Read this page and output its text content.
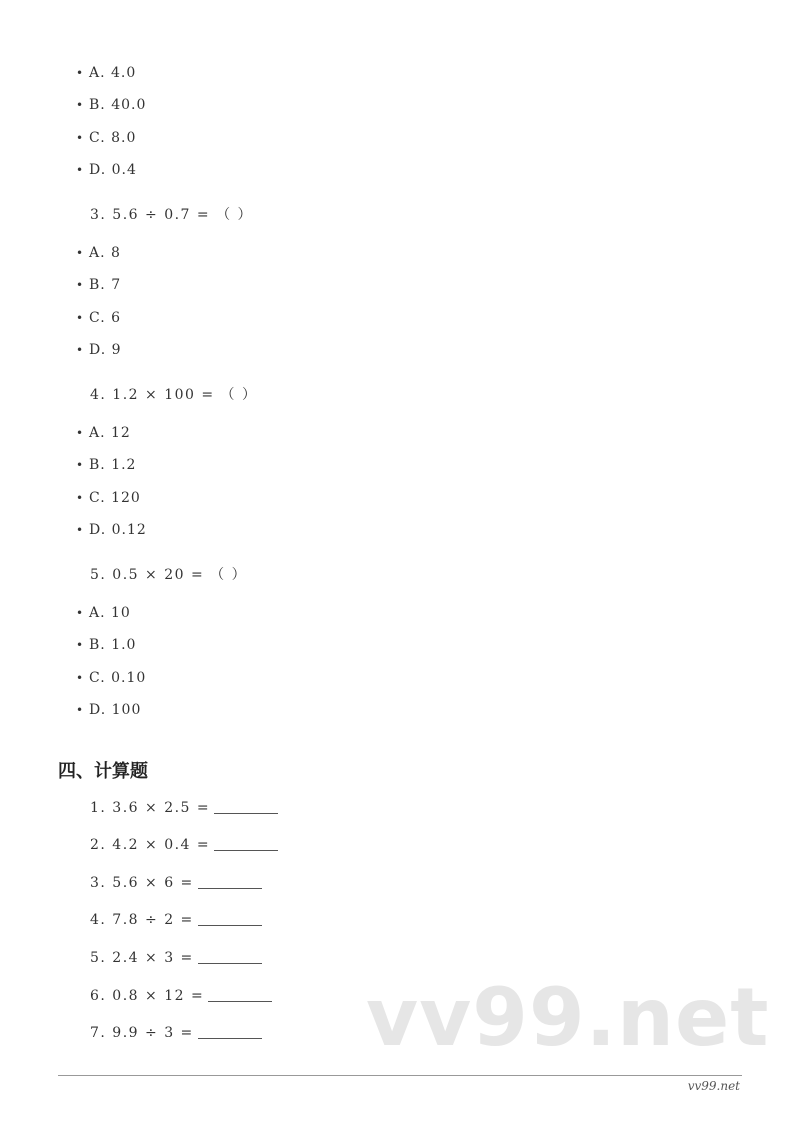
• A. 4.0
• B. 40.0
• C. 8.0
• D. 0.4
3. 5.6 ÷ 0.7 = （ ）
• A. 8
• B. 7
• C. 6
• D. 9
4. 1.2 × 100 = （ ）
• A. 12
• B. 1.2
• C. 120
• D. 0.12
5. 0.5 × 20 = （ ）
• A. 10
• B. 1.0
• C. 0.10
• D. 100
四、计算题
1. 3.6 × 2.5 =
2. 4.2 × 0.4 =
3. 5.6 × 6 =
4. 7.8 ÷ 2 =
5. 2.4 × 3 =
6. 0.8 × 12 =
7. 9.9 ÷ 3 =	vv99.net
vv99.net
